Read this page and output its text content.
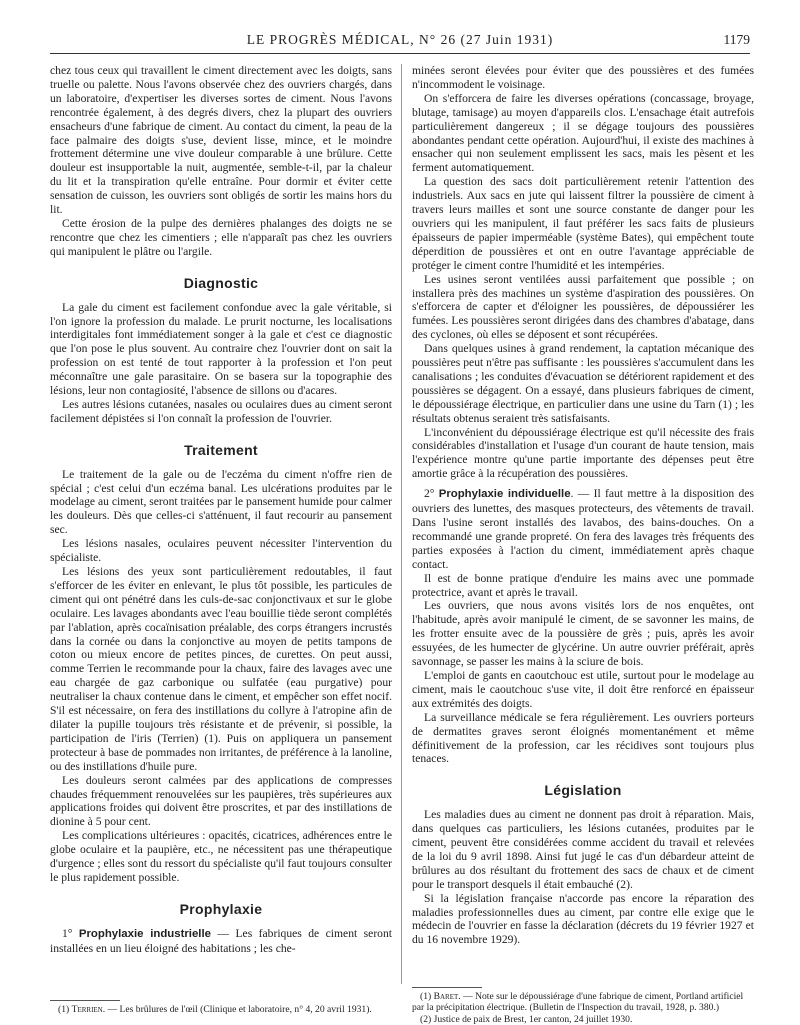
LE PROGRÈS MÉDICAL, N° 26 (27 Juin 1931)	1179

chez tous ceux qui travaillent le ciment directement avec les doigts, sans truelle ou palette. Nous l'avons observée chez des ouvriers chargés, dans un laboratoire, d'expertiser les diverses sortes de ciment. Nous l'avons rencontrée également, à des degrés divers, chez la plupart des ouvriers ensacheurs d'une fabrique de ciment. Au contact du ciment, la peau de la face palmaire des doigts s'use, devient lisse, mince, et le moindre frottement détermine une vive douleur comparable à une brûlure. Cette douleur est insupportable la nuit, augmentée, semble-t-il, par la chaleur du lit et la transpiration qu'elle entraîne. Pour dormir et éviter cette sensation de cuisson, les ouvriers sont obligés de sortir les mains hors du lit.

Cette érosion de la pulpe des dernières phalanges des doigts ne se rencontre que chez les cimentiers ; elle n'apparaît pas chez les ouvriers qui manipulent le plâtre ou l'argile.

Diagnostic

La gale du ciment est facilement confondue avec la gale véritable, si l'on ignore la profession du malade. Le prurit nocturne, les localisations interdigitales font immédiatement songer à la gale et c'est ce diagnostic que l'on pose le plus souvent. Au contraire chez l'ouvrier dont on sait la profession on est tenté de tout rapporter à la profession et l'on peut méconnaître une gale parasitaire. On se basera sur la topographie des lésions, leur non contagiosité, l'absence de sillons ou d'acares.

Les autres lésions cutanées, nasales ou oculaires dues au ciment seront facilement dépistées si l'on connaît la profession de l'ouvrier.

Traitement

Le traitement de la gale ou de l'eczéma du ciment n'offre rien de spécial ; c'est celui d'un eczéma banal. Les ulcérations produites par le modelage au ciment, seront traitées par le pansement humide pour calmer les douleurs. Dès que celles-ci s'atténuent, il faut recourir au pansement sec.

Les lésions nasales, oculaires peuvent nécessiter l'intervention du spécialiste.

Les lésions des yeux sont particulièrement redoutables, il faut s'efforcer de les éviter en enlevant, le plus tôt possible, les particules de ciment qui ont pénétré dans les culs-de-sac conjonctivaux et sur le globe oculaire. Les lavages abondants avec l'eau bouillie tiède seront complétés par l'ablation, après cocaïnisation préalable, des corps étrangers incrustés dans la cornée ou dans la conjonctive au moyen de petits tampons de coton ou mieux encore de petites pinces, de curettes. On peut aussi, comme Terrien le recommande pour la chaux, faire des lavages avec une eau chargée de gaz carbonique ou sulfatée (eau purgative) pour neutraliser la chaux contenue dans le ciment, et empêcher son effet nocif. S'il est nécessaire, on fera des instillations du collyre à l'atropine afin de dilater la pupille toujours très résistante et de prévenir, si possible, la participation de l'iris (Terrien) (1). Puis on appliquera un pansement protecteur à base de pommades non irritantes, de préférence à la lanoline, ou des instillations d'huile pure.

Les douleurs seront calmées par des applications de compresses chaudes fréquemment renouvelées sur les paupières, très supérieures aux applications froides qui doivent être proscrites, et par des instillations de dionine à 5 pour cent.

Les complications ultérieures : opacités, cicatrices, adhérences entre le globe oculaire et la paupière, etc., ne nécessitent pas une thérapeutique d'urgence ; elles sont du ressort du spécialiste qu'il faut toujours consulter le plus rapidement possible.

Prophylaxie

1° Prophylaxie industrielle — Les fabriques de ciment seront installées en un lieu éloigné des habitations ; les che-

(1) Terrien. — Les brûlures de l'œil (Clinique et laboratoire, n° 4, 20 avril 1931).

minées seront élevées pour éviter que des poussières et des fumées n'incommodent le voisinage.

On s'efforcera de faire les diverses opérations (concassage, broyage, blutage, tamisage) au moyen d'appareils clos. L'ensachage était autrefois particulièrement dangereux ; il se dégage toujours des poussières abondantes pendant cette opération. Aujourd'hui, il existe des machines à ensacher qui non seulement emplissent les sacs, mais les pèsent et les ferment automatiquement.

La question des sacs doit particulièrement retenir l'attention des industriels. Aux sacs en jute qui laissent filtrer la poussière de ciment à travers leurs mailles et sont une source constante de danger pour les ouvriers qui les manipulent, il faut préférer les sacs faits de plusieurs épaisseurs de papier imperméable (système Bates), qui empêchent toute déperdition de poussières et ont en outre l'avantage appréciable de protéger le ciment contre l'humidité et les intempéries.

Les usines seront ventilées aussi parfaitement que possible ; on installera près des machines un système d'aspiration des poussières. On s'efforcera de capter et d'éloigner les poussières, de dépoussiérer les fumées. Les poussières seront dirigées dans des chambres d'abatage, dans des cyclones, où elles se déposent et sont récupérées.

Dans quelques usines à grand rendement, la captation mécanique des poussières peut n'être pas suffisante : les poussières s'accumulent dans les canalisations ; les conduites d'évacuation se détériorent rapidement et des poussières se dégagent. On a essayé, dans plusieurs fabriques de ciment, le dépoussiérage électrique, en particulier dans une usine du Tarn (1) ; les résultats obtenus seraient très satisfaisants.

L'inconvénient du dépoussiérage électrique est qu'il nécessite des frais considérables d'installation et l'usage d'un courant de haute tension, mais l'expérience montre qu'une partie importante des dépenses peut être amortie grâce à la récupération des poussières.

2° Prophylaxie individuelle. — Il faut mettre à la disposition des ouvriers des lunettes, des masques protecteurs, des vêtements de travail. Dans l'usine seront installés des lavabos, des bains-douches. On a recommandé une grande propreté. On fera des lavages très fréquents des parties exposées à l'action du ciment, immédiatement après chaque contact.

Il est de bonne pratique d'enduire les mains avec une pommade protectrice, avant et après le travail.

Les ouvriers, que nous avons visités lors de nos enquêtes, ont l'habitude, après avoir manipulé le ciment, de se savonner les mains, de les frotter ensuite avec de la poussière de grès ; puis, après les avoir essuyées, de les humecter de glycérine. Un autre ouvrier préférait, après savonnage, se passer les mains à la sciure de bois.

L'emploi de gants en caoutchouc est utile, surtout pour le modelage au ciment, mais le caoutchouc s'use vite, il doit être renforcé en épaisseur aux extrémités des doigts.

La surveillance médicale se fera régulièrement. Les ouvriers porteurs de dermatites graves seront éloignés momentanément et même définitivement de la profession, car les récidives sont toujours plus tenaces.

Législation

Les maladies dues au ciment ne donnent pas droit à réparation. Mais, dans quelques cas particuliers, les lésions cutanées, produites par le ciment, peuvent être considérées comme accident du travail et relevées de la loi du 9 avril 1898. Ainsi fut jugé le cas d'un débardeur atteint de brûlures au dos résultant du frottement des sacs de chaux et de ciment pour le transport desquels il était embauché (2).

Si la législation française n'accorde pas encore la réparation des maladies professionnelles dues au ciment, par contre elle exige que le médecin de l'ouvrier en fasse la déclaration (décrets du 19 février 1927 et du 16 novembre 1929).

(1) Baret. — Note sur le dépoussiérage d'une fabrique de ciment, Portland artificiel par la précipitation électrique. (Bulletin de l'Inspection du travail, 1928, p. 380.)

(2) Justice de paix de Brest, 1er canton, 24 juillet 1930.
